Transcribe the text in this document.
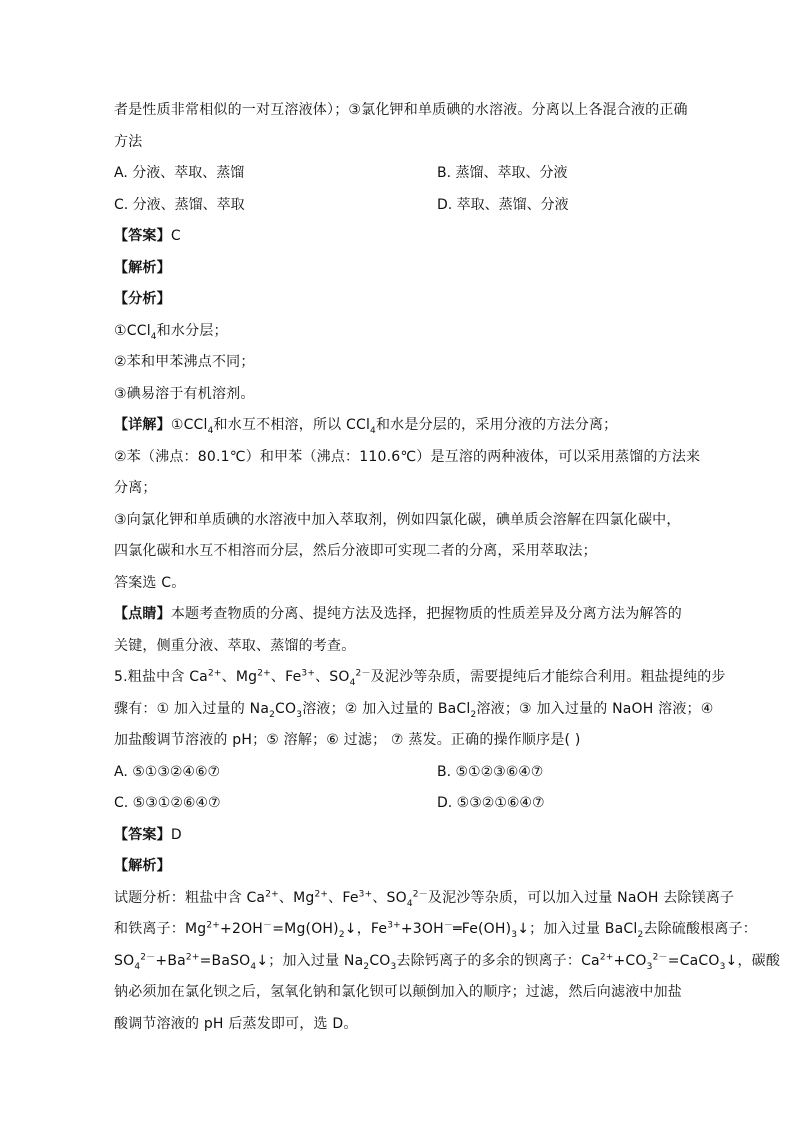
者是性质非常相似的一对互溶液体）；③氯化钾和单质碘的水溶液。分离以上各混合液的正确
方法
A. 分液、萃取、蒸馏	B. 蒸馏、萃取、分液
C. 分液、蒸馏、萃取	D. 萃取、蒸馏、分液
【答案】C
【解析】
【分析】
①CCl$_4$和水分层；
②苯和甲苯沸点不同；
③碘易溶于有机溶剂。
【详解】①CCl$_4$和水互不相溶，所以 CCl$_4$和水是分层的，采用分液的方法分离；
②苯（沸点：80.1℃）和甲苯（沸点：110.6℃）是互溶的两种液体，可以采用蒸馏的方法来
分离；
③向氯化钾和单质碘的水溶液中加入萃取剂，例如四氯化碳，碘单质会溶解在四氯化碳中，
四氯化碳和水互不相溶而分层，然后分液即可实现二者的分离，采用萃取法；
答案选 C。
【点睛】本题考查物质的分离、提纯方法及选择，把握物质的性质差异及分离方法为解答的
关键，侧重分液、萃取、蒸馏的考查。
5.粗盐中含 $Ca^{2+}$、$Mg^{2+}$、$Fe^{3+}$、$SO_4^{2-}$及泥沙等杂质，需要提纯后才能综合利用。粗盐提纯的步
骤有：① 加入过量的 $Na_2CO_3$溶液；② 加入过量的 BaCl$_2$溶液；③ 加入过量的 NaOH 溶液；④
加盐酸调节溶液的 pH；⑤ 溶解；⑥ 过滤； ⑦ 蒸发。正确的操作顺序是( )
A. ⑤①③②④⑥⑦	B. ⑤①②③⑥④⑦
C. ⑤③①②⑥④⑦	D. ⑤③②①⑥④⑦
【答案】D
【解析】
试题分析：粗盐中含 $Ca^{2+}$、$Mg^{2+}$、$Fe^{3+}$、$SO_4^{2-}$及泥沙等杂质，可以加入过量 NaOH 去除镁离子
和铁离子：$Mg^{2+}+2OH^-=Mg(OH)_2↓$，$Fe^{3+}+3OH^-═Fe(OH)_3↓$；加入过量 BaCl$_2$去除硫酸根离子：
$SO_4^{2-}+Ba^{2+}=BaSO_4↓$；加入过量 $Na_2CO_3$去除钙离子的多余的钡离子：$Ca^{2+}+CO_3^{2-}=CaCO_3↓$，碳酸
钠必须加在氯化钡之后，氢氧化钠和氯化钡可以颠倒加入的顺序；过滤，然后向滤液中加盐
酸调节溶液的 pH 后蒸发即可，选 D。
